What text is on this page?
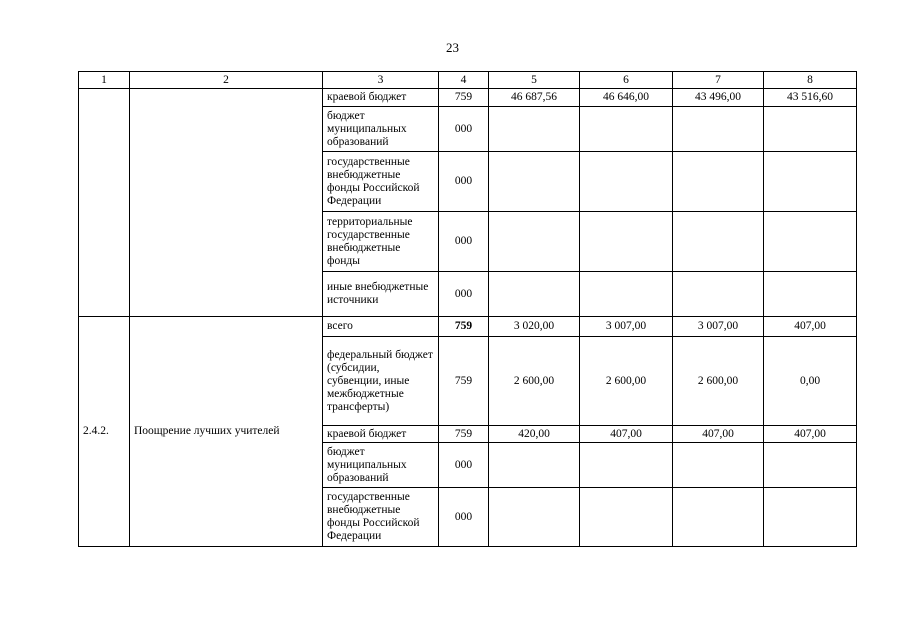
23
1	2	3	4	5	6	7	8
		краевой бюджет	759	46 687,56	46 646,00	43 496,00	43 516,60
		бюджет муниципальных образований	000				
		государственные внебюджетные фонды Российской Федерации	000				
		территориальные государственные внебюджетные фонды	000				
		иные внебюджетные источники	000				
2.4.2.	Поощрение лучших учителей	всего	759	3 020,00	3 007,00	3 007,00	407,00
		федеральный бюджет (субсидии, субвенции, иные межбюджетные трансферты)	759	2 600,00	2 600,00	2 600,00	0,00
		краевой бюджет	759	420,00	407,00	407,00	407,00
		бюджет муниципальных образований	000				
		государственные внебюджетные фонды Российской Федерации	000				
